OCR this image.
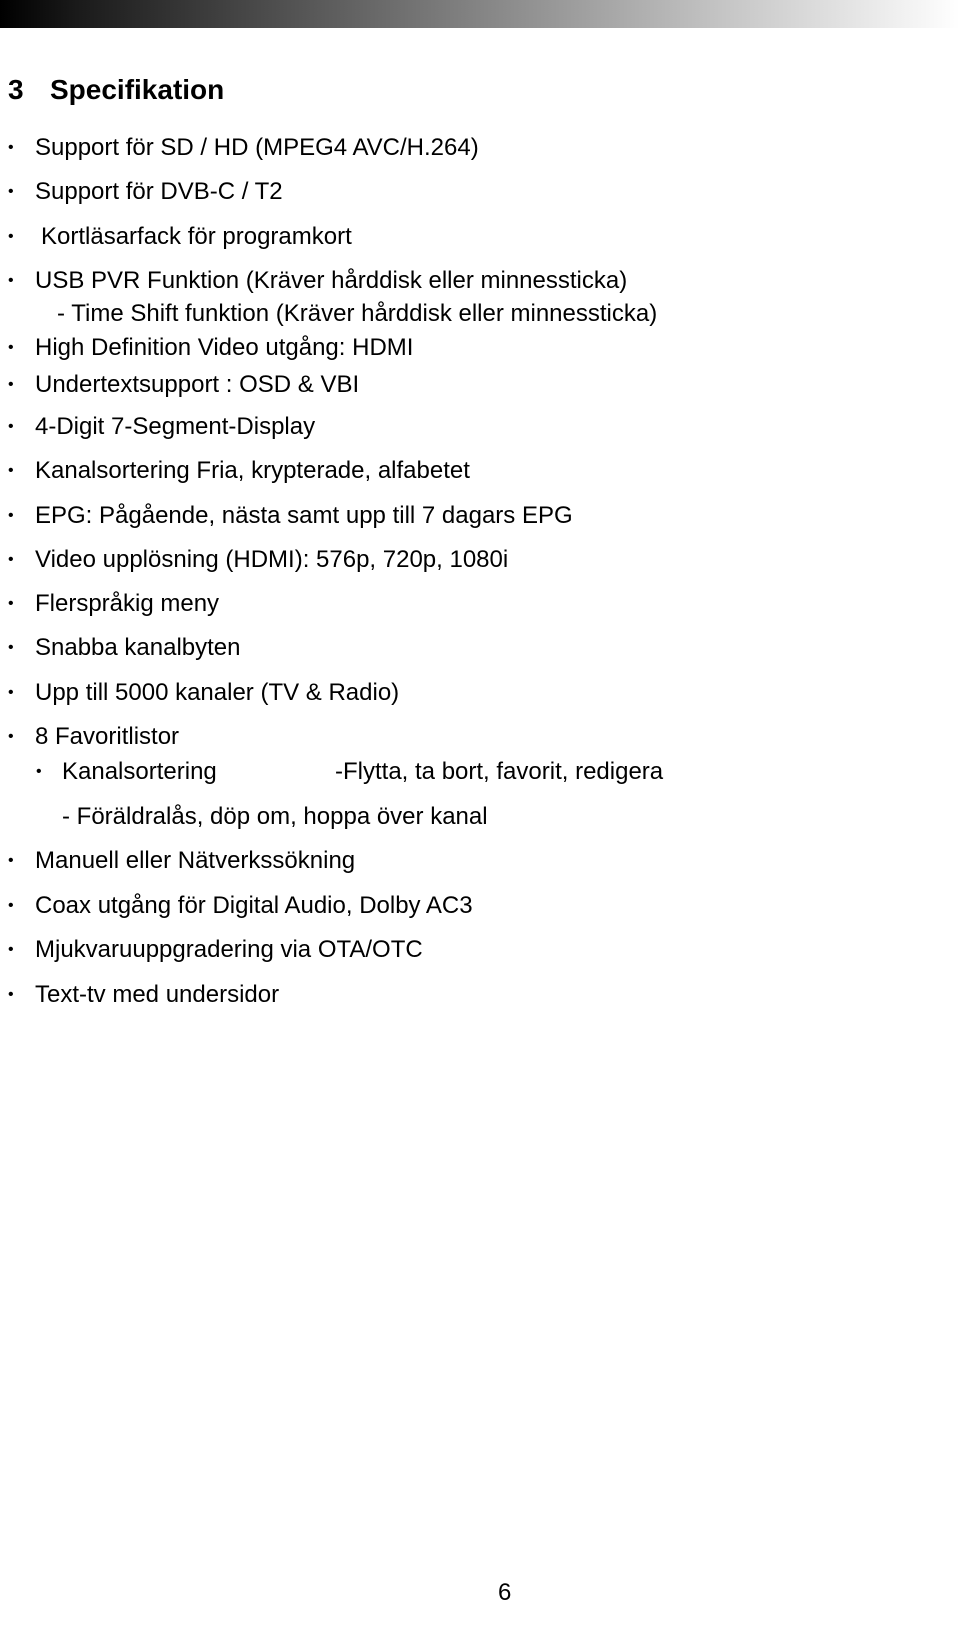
3 Specifikation
• Support för SD / HD (MPEG4 AVC/H.264)
• Support för DVB-C / T2
• Kortläsarfack för programkort
• USB PVR Funktion (Kräver hårddisk eller minnessticka)
- Time Shift funktion (Kräver hårddisk eller minnessticka)
• High Definition Video utgång: HDMI
• Undertextsupport : OSD & VBI
• 4-Digit 7-Segment-Display
• Kanalsortering Fria, krypterade, alfabetet
• EPG: Pågående, nästa samt upp till 7 dagars EPG
• Video upplösning (HDMI): 576p, 720p, 1080i
• Flerspråkig meny
• Snabba kanalbyten
• Upp till 5000 kanaler (TV & Radio)
• 8 Favoritlistor
• Kanalsortering	-Flytta, ta bort, favorit, redigera
- Föräldralås, döp om, hoppa över kanal
• Manuell eller Nätverkssökning
• Coax utgång för Digital Audio, Dolby AC3
• Mjukvaruuppgradering via OTA/OTC
• Text-tv med undersidor
6
